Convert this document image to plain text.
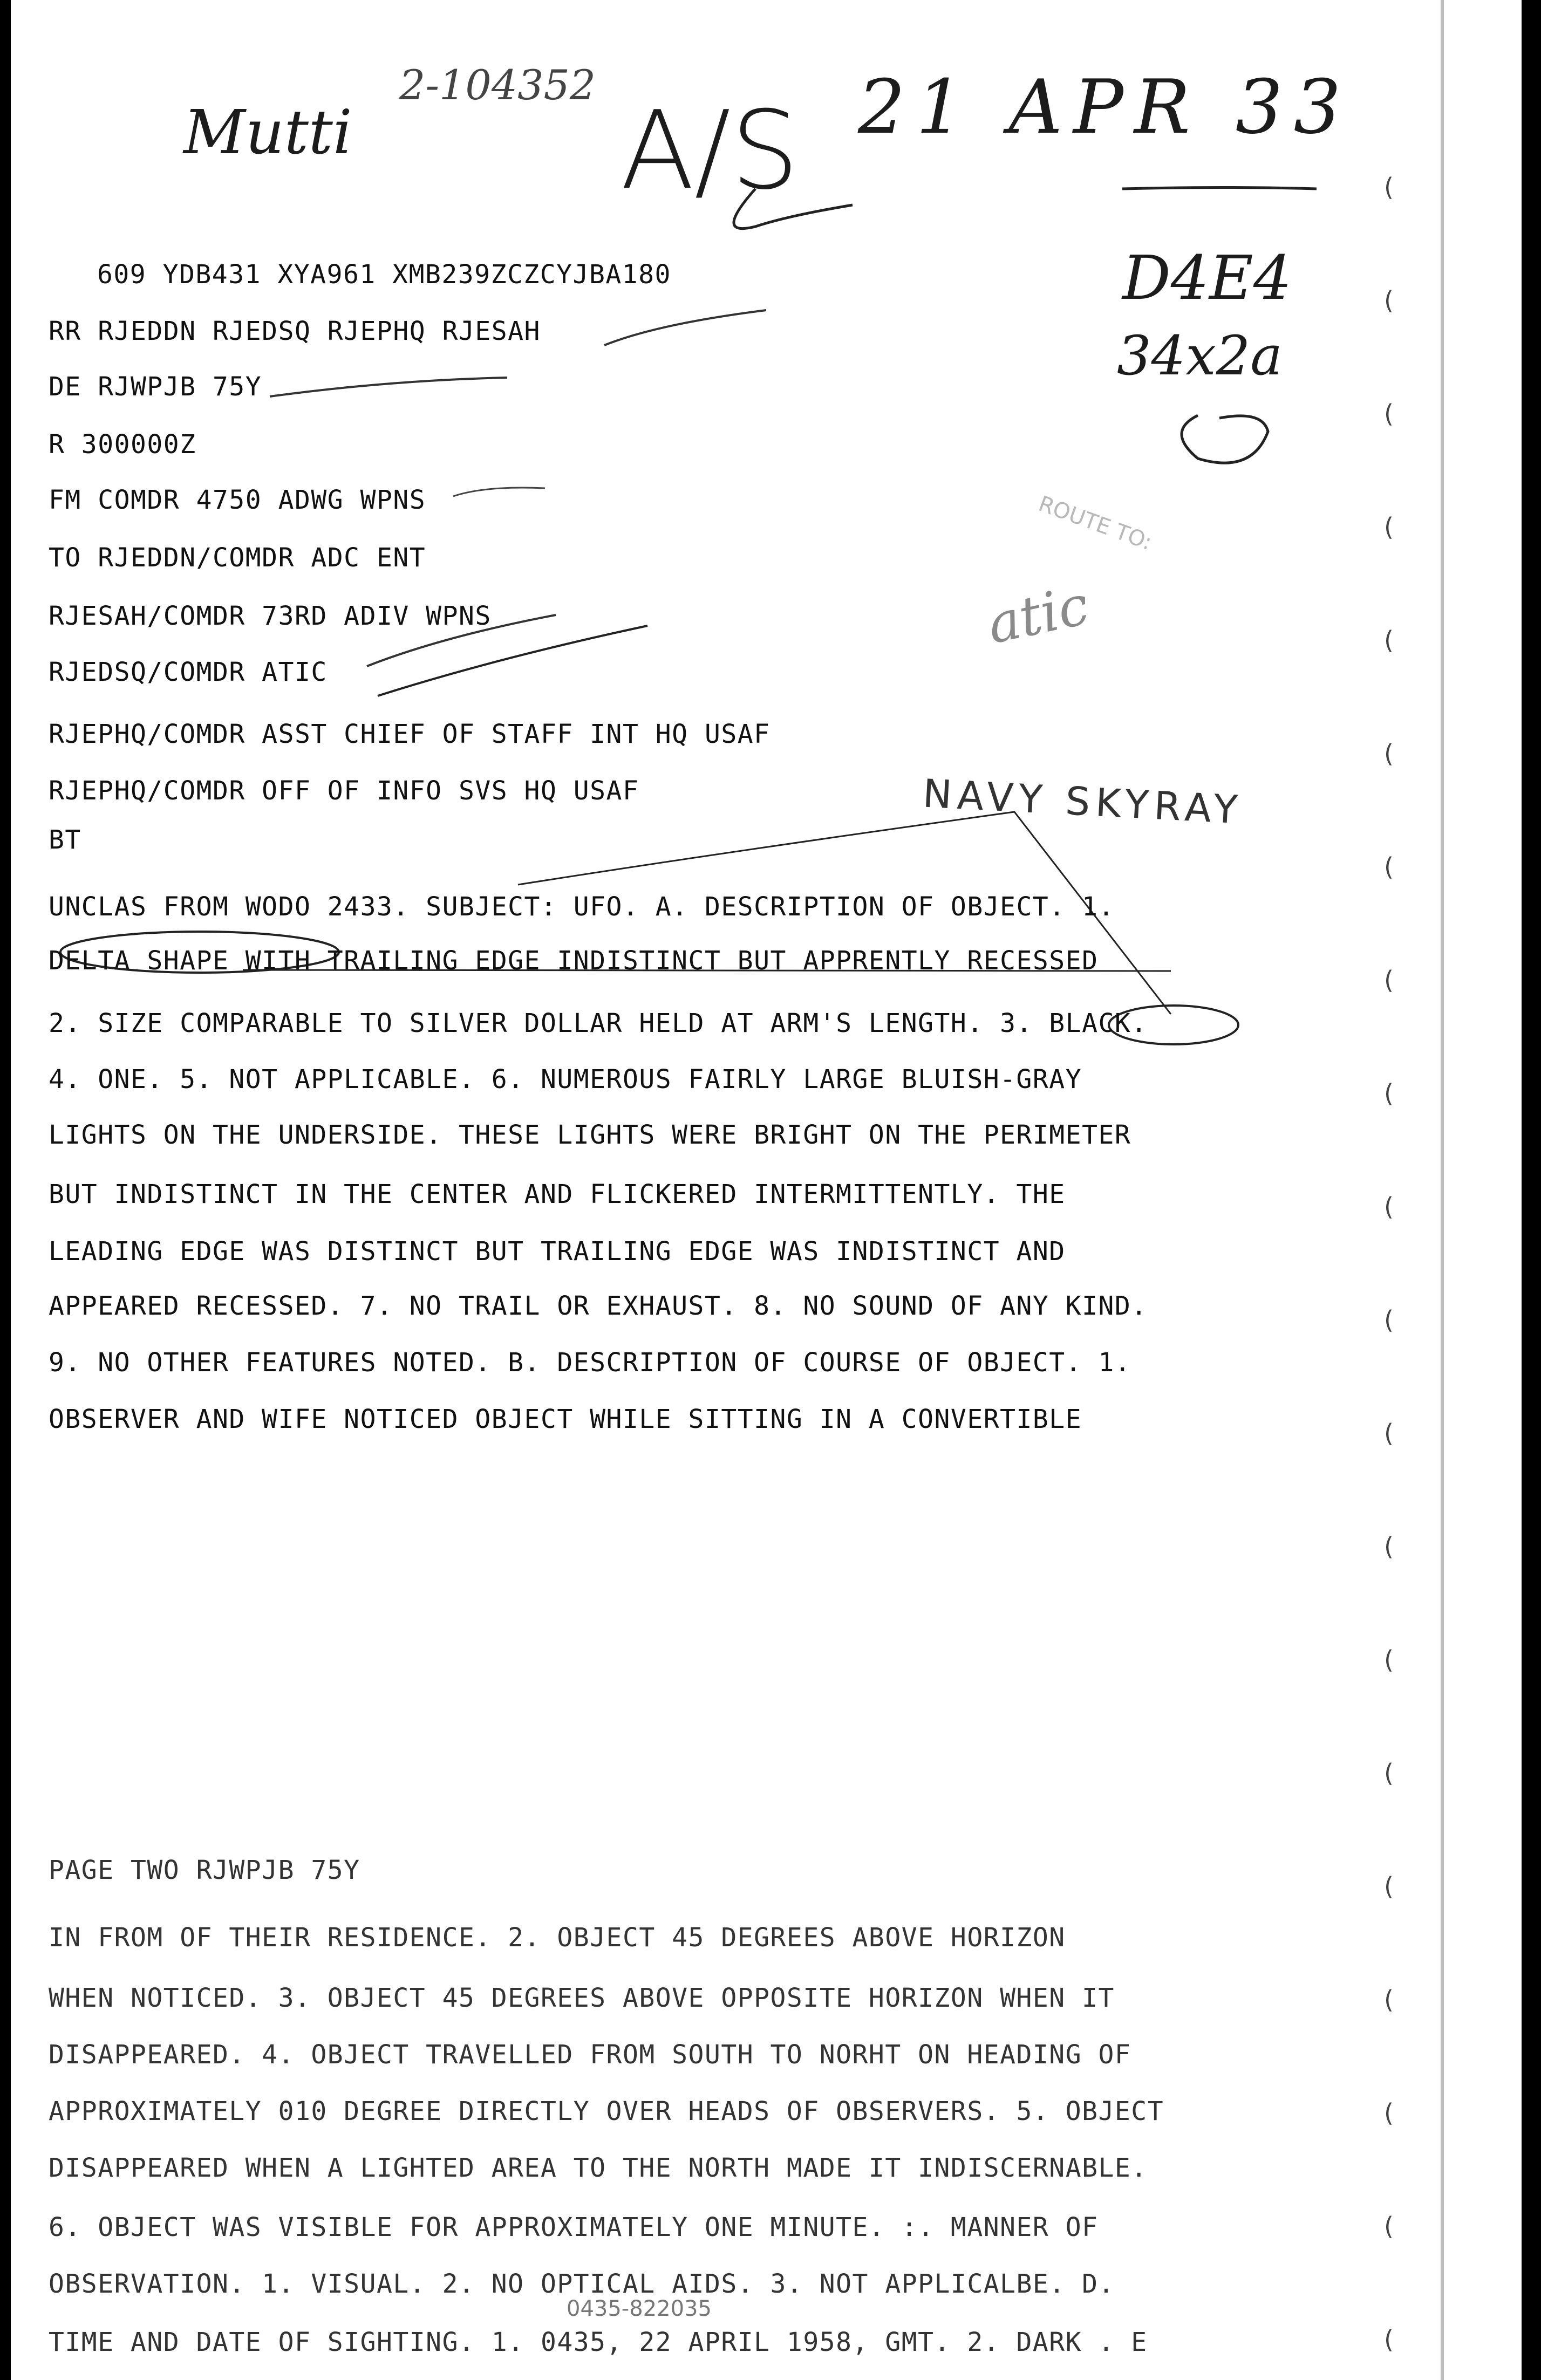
(
(
(
(
(
(
(
(
(
(
(
(
(
(
(
(
(
(
(
(
Mutti
2-104352
A/S 21 APR 33
D4E4
34x2a
ROUTE TO:
atic
NAVY SKYRAY
0435-822035
609 YDB431 XYA961 XMB239ZCZCYJBA180
RR RJEDDN RJEDSQ RJEPHQ RJESAH
DE RJWPJB 75Y
R 300000Z
FM COMDR 4750 ADWG WPNS
TO RJEDDN/COMDR ADC ENT
RJESAH/COMDR 73RD ADIV WPNS
RJEDSQ/COMDR ATIC
RJEPHQ/COMDR ASST CHIEF OF STAFF INT HQ USAF
RJEPHQ/COMDR OFF OF INFO SVS HQ USAF
BT
UNCLAS FROM WODO 2433. SUBJECT: UFO. A. DESCRIPTION OF OBJECT. 1.
DELTA SHAPE WITH TRAILING EDGE INDISTINCT BUT APPRENTLY RECESSED
2. SIZE COMPARABLE TO SILVER DOLLAR HELD AT ARM'S LENGTH. 3. BLACK.
4. ONE. 5. NOT APPLICABLE. 6. NUMEROUS FAIRLY LARGE BLUISH-GRAY
LIGHTS ON THE UNDERSIDE. THESE LIGHTS WERE BRIGHT ON THE PERIMETER
BUT INDISTINCT IN THE CENTER AND FLICKERED INTERMITTENTLY. THE
LEADING EDGE WAS DISTINCT BUT TRAILING EDGE WAS INDISTINCT AND
APPEARED RECESSED. 7. NO TRAIL OR EXHAUST. 8. NO SOUND OF ANY KIND.
9. NO OTHER FEATURES NOTED. B. DESCRIPTION OF COURSE OF OBJECT. 1.
OBSERVER AND WIFE NOTICED OBJECT WHILE SITTING IN A CONVERTIBLE
PAGE TWO RJWPJB 75Y
IN FROM OF THEIR RESIDENCE. 2. OBJECT 45 DEGREES ABOVE HORIZON
WHEN NOTICED. 3. OBJECT 45 DEGREES ABOVE OPPOSITE HORIZON WHEN IT
DISAPPEARED. 4. OBJECT TRAVELLED FROM SOUTH TO NORHT ON HEADING OF
APPROXIMATELY 010 DEGREE DIRECTLY OVER HEADS OF OBSERVERS. 5. OBJECT
DISAPPEARED WHEN A LIGHTED AREA TO THE NORTH MADE IT INDISCERNABLE.
6. OBJECT WAS VISIBLE FOR APPROXIMATELY ONE MINUTE. :. MANNER OF
OBSERVATION. 1. VISUAL. 2. NO OPTICAL AIDS. 3. NOT APPLICALBE. D.
TIME AND DATE OF SIGHTING. 1. 0435, 22 APRIL 1958, GMT. 2. DARK . E
